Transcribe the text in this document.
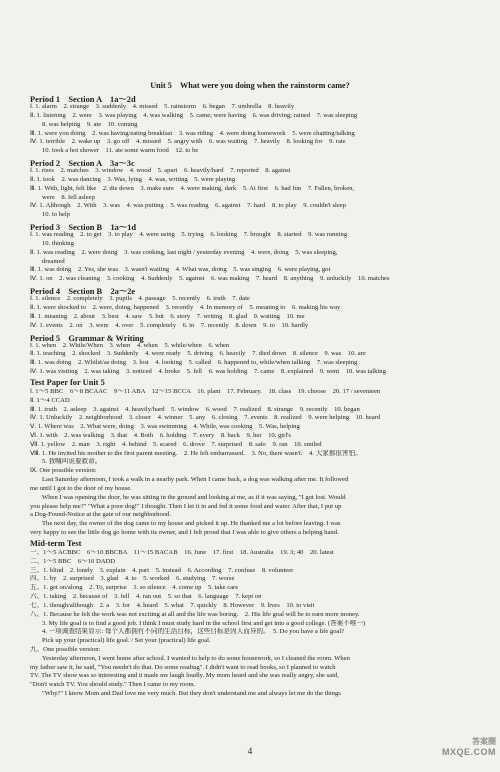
Unit 5　What were you doing when the rainstorm came?
Period 1　Section A　1a～2d
Ⅰ. 1. alarm　2. strange　3. suddenly　4. missed　5. rainstorm　6. began　7. umbrella　8. heavily
Ⅱ. 1. listening　2. were　3. was playing　4. was walking　5. came; were having　6. was driving; rained　7. was sleeping
8. was helping　9. ate　10. coming
Ⅲ. 1. were you doing　2. was having/eating breakfast　3. was riding　4. were doing homework　5. were chatting/talking
Ⅳ. 1. terrible　2. wake up　3. go off　4. missed　5. angry with　6. was waiting　7. heavily　8. looking for　9. rate
10. took a hot shower　11. ate some warm food　12. to be
Period 2　Section A　3a～3c
Ⅰ. 1. rises　2. matches　3. window　4. wood　5. apart　6. heavily/hard　7. reported　8. against
Ⅱ. 1. took　2. was dancing　3. Was, lying　4. was, writing　5. were playing
Ⅲ. 1. With, light, felt like　2. die down　3. make sure　4. were making, dark　5. At first　6. had fun　7. Fallen, broken,
were　8. fell asleep
Ⅳ. 1. Although　2. With　3. was　4. was putting　5. was reading　6. against　7. hard　8. to play　9. couldn't sleep
10. to help
Period 3　Section B　1a～1d
Ⅰ. 1. was reading　2. to get　3. to play　4. were using　5. trying　6. looking　7. brought　8. started　9. was running
10. thinking
Ⅱ. 1. was reading　2. were doing　3. was cooking, last night / yesterday evening　4. were, doing　5. was sleeping,
dreamed
Ⅲ. 1. was doing　2. Yes, she was　3. wasn't waiting　4. What was, doing　5. was singing　6. were playing, got
Ⅳ. 1. on　2. was cleaning　3. cooking　4. Suddenly　5. against　6. was making　7. heard　8. anything　9. unluckily　10. matches
Period 4　Section B　2a～2e
Ⅰ. 1. silence　2. completely　3. pupils　4. passage　5. recently　6. truth　7. date
Ⅱ. 1. were shocked to　2. were, doing, happened　3. recently　4. In memory of　5. meaning to　6. making his way
Ⅲ. 1. meaning　2. about　3. best　4. saw　5. but　6. story　7. writing　8. glad　9. waiting　10. me
Ⅳ. 1. events　2. on　3. were　4. over　5. completely　6. in　7. recently　8. down　9. to　10. hardly
Period 5　Grammar & Writing
Ⅰ. 1. when　2. While/When　3. when　4. when　5. while/when　6. when
Ⅱ. 1. teaching　2. shocked　3. Suddenly　4. were ready　5. driving　6. heavily　7. died down　8. silence　9. was　10. are
Ⅲ. 1. was doing　2. Whilst/as doing　3. lost　4. looking　5. called　6. happened to, while/when talking　7. was sleeping
Ⅳ. 1. was visiting　2. was taking　3. noticed　4. broke　5. fell　6. was holding　7. came　8. explained　9. went　10. was talking
Test Paper for Unit 5
Ⅰ. 1～5 BBC　6～8 BCAAC　9～11 ABA　12～15 BCCA　16. plant　17. February.　18. class　19. choose　20. 17 / seventeen
Ⅱ. 1～4 CCAD
Ⅲ. 1. truth　2. asleep　3. against　4. heavily/hard　5. window　6. wood　7. realized　8. strange　9. recently　10. began
Ⅳ. 1. Unluckily　2. neighborhood　3. closer　4. winner　5. any　6. closing　7. events　8. realized　9. were helping　10. heard
Ⅴ. 1. Where was　2. What were, doing　3. was swimming　4. While, was cooking　5. Was, helping
Ⅵ. 1. with　2. was walking　3. that　4. Both　6. holding　7. every　8. back　9. her　10. girl's
Ⅶ. 1. yellow　2. man　3. right　4. behind　5. scared　6. drove　7. surprised　8. safe　9. ran　10. smiled
Ⅷ. 1. He invited his mother to the first parent meeting.　2. He felt embarrassed.　3. No, there wasn't.　4. 大家都很害怕。
5. 我喊叫说要救命。
Ⅸ. One possible version:
Last Saturday afternoon, I took a walk in a nearby park. When I came back, a dog was walking after me. It followed
me until I got to the door of my house.
When I was opening the door, he was sitting in the ground and looking at me, as if it was saying, "I got lost. Would
you please help me?" "What a poor dog!" I thought. Then I let it in and fed it some food and water. After that, I put up
a Dog-Found-Notice at the gate of our neighborhood.
The next day, the owner of the dog came to my house and picked it up. He thanked me a lot before leaving. I was
very happy to see the little dog go home with its owner, and I felt proud that I was able to give others a helping hand.
Mid-term Test
一、1～5 ACBBC　6～10 BBCBA　11～15 BACAB　16. June　17. first　18. Australia　19. 3; 40　20. latest
二、1～5 BBC　6～10 DADD
三、1. blind　2. lonely　3. explain　4. part　5. instead　6. According　7. confuse　8. volunteer
四、1. by　2. surprised　3. glad　4. to　5. worked　6. studying　7. worse
五、1. get on/along　2. To, surprise　3. so silence　4. come up　5. take care
六、1. taking　2. because of　3. fell　4. ran out　5. so that　6. language　7. kept on
七、1. though/although　2. a　3. for　4. heard　5. what　7. quickly　8. However　9. lives　10. to visit
八、1. Because he felt the work was not exciting at all and the life was boring.　2. His life goal will be to earn more money.
3. My life goal is to find a good job. I think I must study hard in the school first and get into a good college. (答案不唯一)
4. 一项调查结果显示: 每个人都拥有不同的生活目标，这些目标是因人而异的。　5. Do you have a life goal?
Pick up your (practical) life goal. / Set your (practical) life goal.
九、One possible version:
Yesterday afternoon, I went home after school. I wanted to help to do some housework, so I cleaned the room. When
my father saw it, he said, "You needn't do that. Do some reading". I didn't want to read books, so I planned to watch
TV. The TV show was so interesting and it made me laugh loudly. My mom heard and she was really angry, she said,
"Don't watch TV. You should study." Then I came to my room.
"Why?" I know Mom and Dad love me very much. But they don't understand me and always let me do the things
4
答案圈
MXQE.COM
